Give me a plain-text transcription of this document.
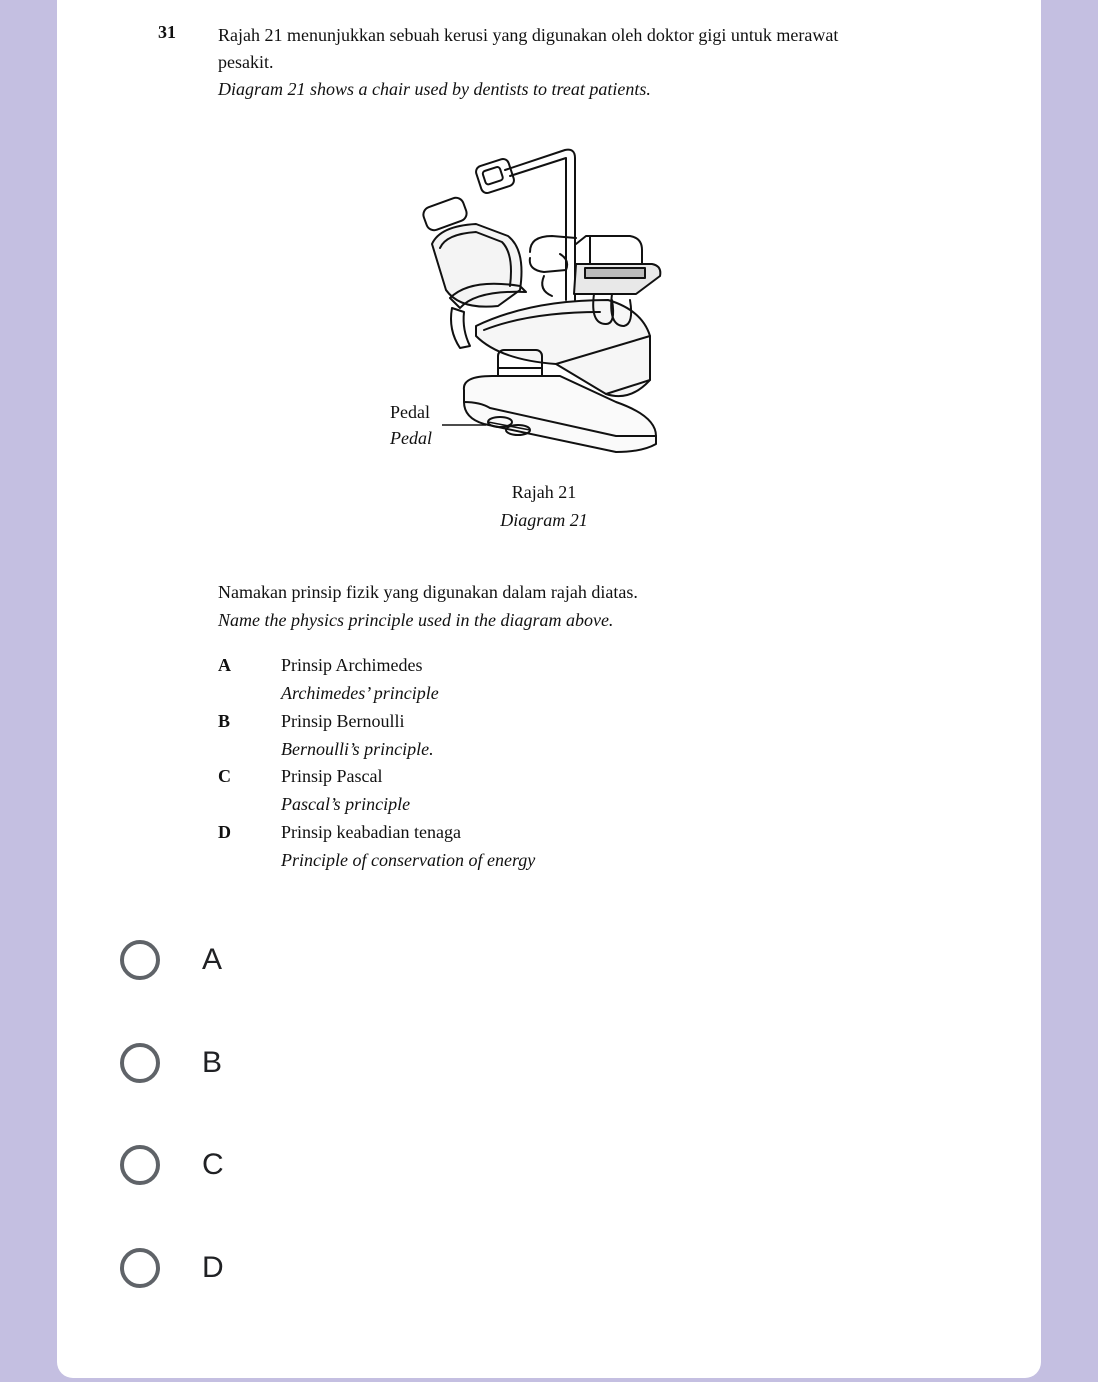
31 Rajah 21 menunjukkan sebuah kerusi yang digunakan oleh doktor gigi untuk merawat
pesakit.
Diagram 21 shows a chair used by dentists to treat patients.
Pedal
Pedal
Rajah 21
Diagram 21
Namakan prinsip fizik yang digunakan dalam rajah diatas.
Name the physics principle used in the diagram above.
A	Prinsip Archimedes
Archimedes’ principle
B	Prinsip Bernoulli
Bernoulli’s principle.
C	Prinsip Pascal
Pascal’s principle
D	Prinsip keabadian tenaga
Principle of conservation of energy
A
B
C
D
